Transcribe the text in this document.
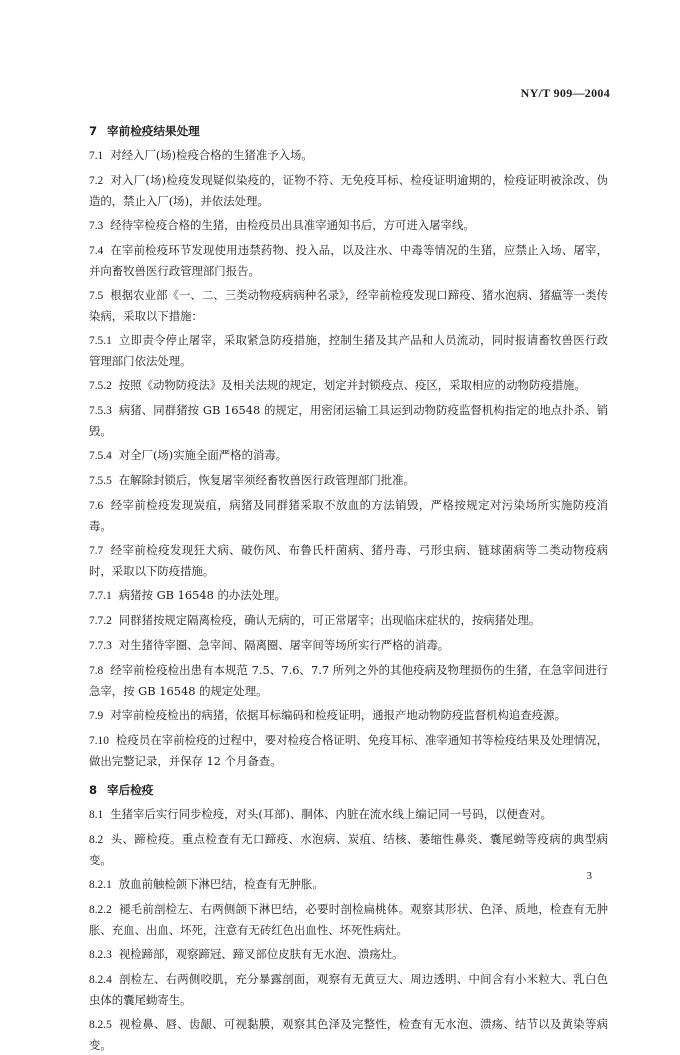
NY/T 909—2004
7 宰前检疫结果处理
7.1 对经入厂(场)检疫合格的生猪准予入场。
7.2 对入厂(场)检疫发现疑似染疫的，证物不符、无免疫耳标、检疫证明逾期的，检疫证明被涂改、伪造的，禁止入厂(场)，并依法处理。
7.3 经待宰检疫合格的生猪，由检疫员出具准宰通知书后，方可进入屠宰线。
7.4 在宰前检疫环节发现使用违禁药物、投入品，以及注水、中毒等情况的生猪，应禁止入场、屠宰，并向畜牧兽医行政管理部门报告。
7.5 根据农业部《一、二、三类动物疫病病种名录》，经宰前检疫发现口蹄疫、猪水泡病、猪瘟等一类传染病，采取以下措施：
7.5.1 立即责令停止屠宰，采取紧急防疫措施，控制生猪及其产品和人员流动，同时报请畜牧兽医行政管理部门依法处理。
7.5.2 按照《动物防疫法》及相关法规的规定，划定并封锁疫点、疫区，采取相应的动物防疫措施。
7.5.3 病猪、同群猪按 GB 16548 的规定，用密闭运输工具运到动物防疫监督机构指定的地点扑杀、销毁。
7.5.4 对全厂(场)实施全面严格的消毒。
7.5.5 在解除封锁后，恢复屠宰须经畜牧兽医行政管理部门批准。
7.6 经宰前检疫发现炭疽，病猪及同群猪采取不放血的方法销毁，严格按规定对污染场所实施防疫消毒。
7.7 经宰前检疫发现狂犬病、破伤风、布鲁氏杆菌病、猪丹毒、弓形虫病、链球菌病等二类动物疫病时，采取以下防疫措施。
7.7.1 病猪按 GB 16548 的办法处理。
7.7.2 同群猪按规定隔离检疫，确认无病的，可正常屠宰；出现临床症状的，按病猪处理。
7.7.3 对生猪待宰圈、急宰间、隔离圈、屠宰间等场所实行严格的消毒。
7.8 经宰前检疫检出患有本规范 7.5、7.6、7.7 所列之外的其他疫病及物理损伤的生猪，在急宰间进行急宰，按 GB 16548 的规定处理。
7.9 对宰前检疫检出的病猪，依据耳标编码和检疫证明，通报产地动物防疫监督机构追查疫源。
7.10 检疫员在宰前检疫的过程中，要对检疫合格证明、免疫耳标、准宰通知书等检疫结果及处理情况，做出完整记录，并保存 12 个月备查。
8 宰后检疫
8.1 生猪宰后实行同步检疫，对头(耳部)、胴体、内脏在流水线上编记同一号码，以便查对。
8.2 头、蹄检疫。重点检查有无口蹄疫、水泡病、炭疽、结核、萎缩性鼻炎、囊尾蚴等疫病的典型病变。
8.2.1 放血前触检颌下淋巴结，检查有无肿胀。
8.2.2 褪毛前剖检左、右两侧颌下淋巴结，必要时剖检扁桃体。观察其形状、色泽、质地，检查有无肿胀、充血、出血、坏死，注意有无砖红色出血性、坏死性病灶。
8.2.3 视检蹄部，观察蹄冠、蹄叉部位皮肤有无水泡、溃疡灶。
8.2.4 剖检左、右两侧咬肌，充分暴露剖面，观察有无黄豆大、周边透明、中间含有小米粒大、乳白色虫体的囊尾蚴寄生。
8.2.5 视检鼻、唇、齿龈、可视黏膜，观察其色泽及完整性，检查有无水泡、溃疡、结节以及黄染等病变。
3
